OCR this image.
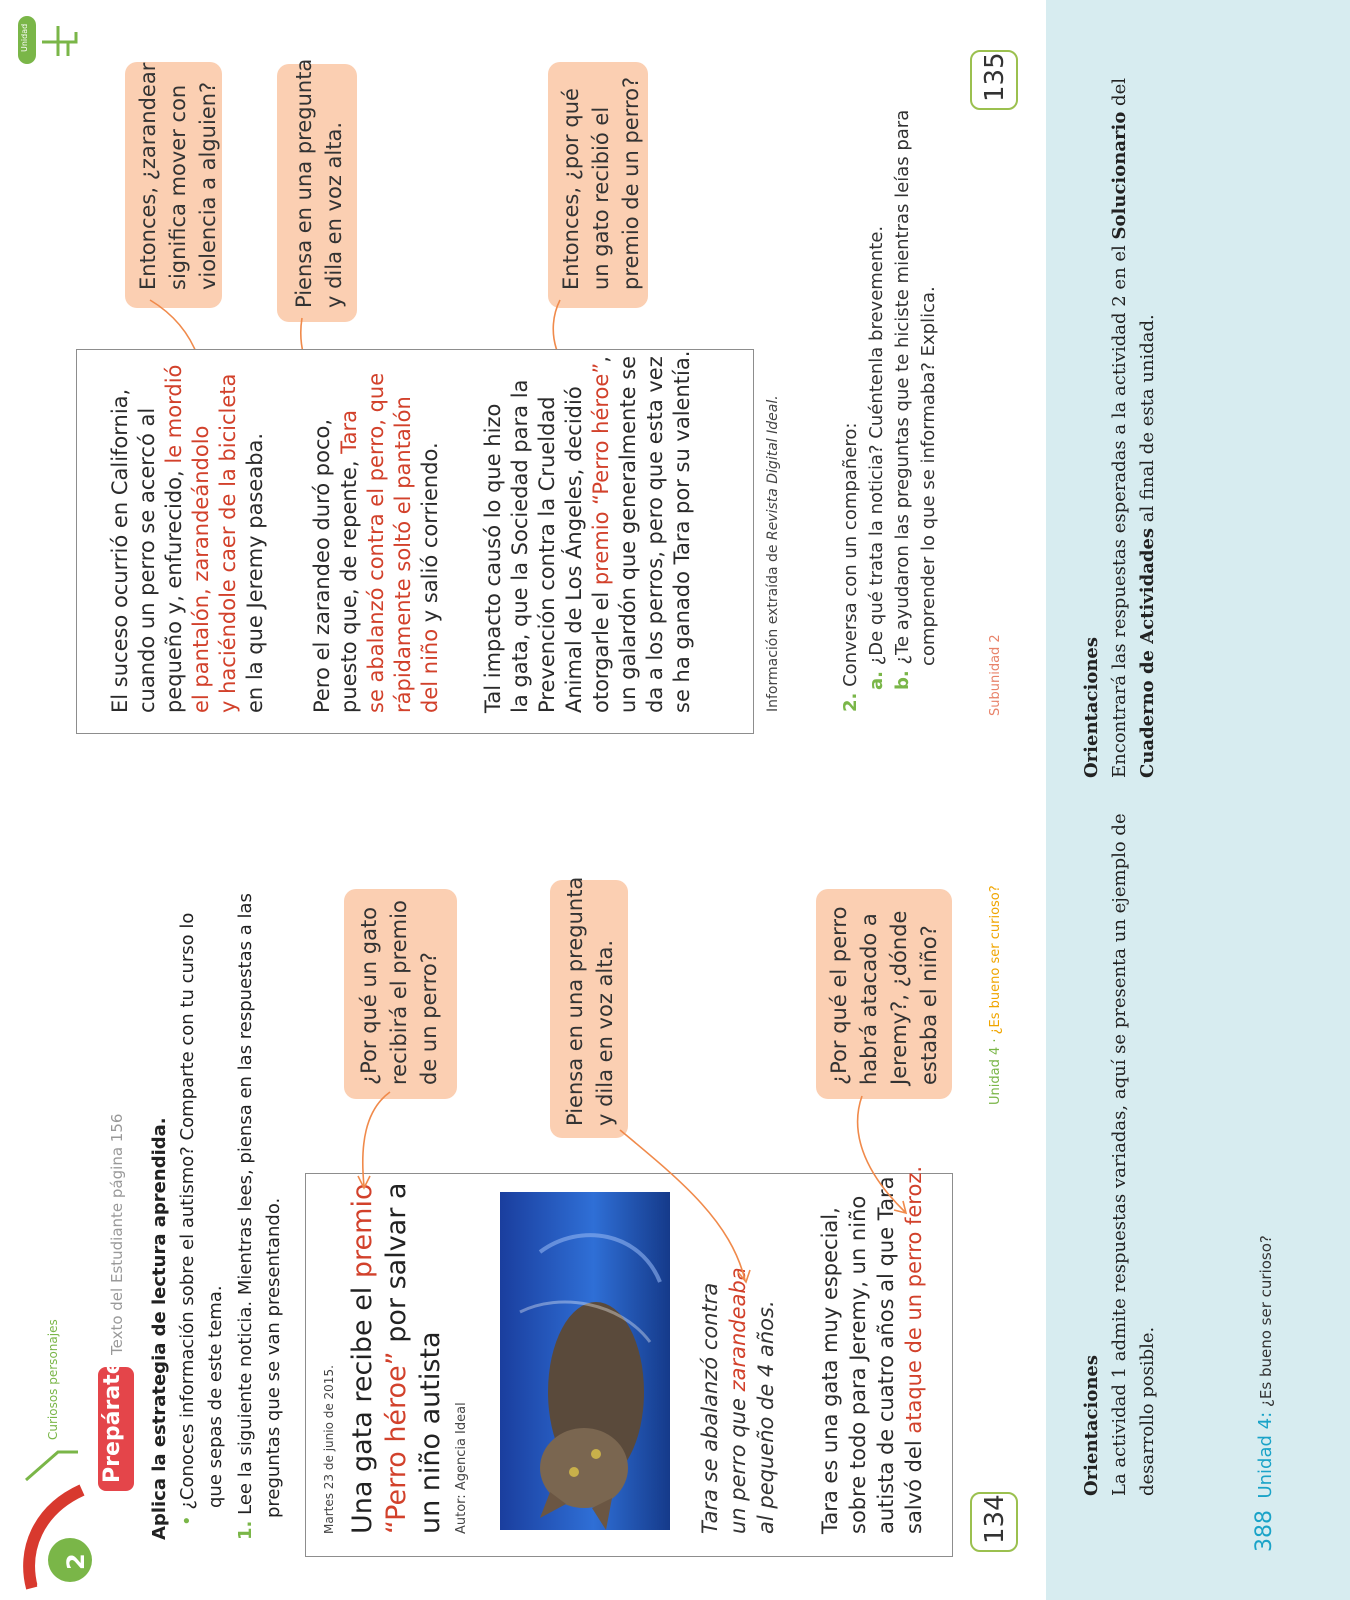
Unidad
Entonces, ¿zarandear significa mover con violencia a alguien?	Piensa en una pregunta y dila en voz alta.	Entonces, ¿por qué un gato recibió el premio de un perro?
El suceso ocurrió en California, cuando un perro se acercó al pequeño y, enfurecido, le mordió
el pantalón, zarandeándolo y haciéndole caer de la bicicleta en la que Jeremy paseaba. Pero el zarandeo duró poco, puesto que, de repente, Tara se abalanzó contra el perro, que rápidamente soltó el pantalón del niño y salió corriendo. Tal impacto causó lo que hizo la gata, que la Sociedad para la Prevención contra la Crueldad Animal de Los Ángeles, decidió otorgarle el premio “Perro héroe”, un galardón que generalmente se da a los perros, pero que esta vez se ha ganado Tara por su valentía.	Información extraída de Revista Digital Ideal.
2. Conversa con un compañero: a. ¿De qué trata la noticia? Cuéntenla brevemente.
b. ¿Te ayudaron las preguntas que te hiciste mientras leías para comprender lo que se informaba? Explica.
Subunidad 2
135
2
Subunidad
Curiosos personajes Prepárate
Texto del Estudiante página 156 Aplica la estrategia de lectura aprendida. • ¿Conoces información sobre el autismo? Comparte con tu curso lo que sepas de este tema.
1. Lee la siguiente noticia. Mientras lees, piensa en las respuestas a las preguntas que se van presentando.	Martes 23 de junio de 2015. Una gata recibe el premio
“Perro héroe” por salvar a
un niño autista Autor: Agencia Ideal	Tara se abalanzó contra un perro que zarandeaba al pequeño de 4 años. Tara es una gata muy especial, sobre todo para Jeremy, un niño autista de cuatro años al que Tara salvó del ataque de un perro feroz.
¿Por qué un gato recibirá el premio de un perro?	Piensa en una pregunta y dila en voz alta.	¿Por qué el perro habrá atacado a Jeremy?, ¿dónde estaba el niño?	Unidad 4 · ¿Es bueno ser curioso?
134
Orientaciones Encontrará las respuestas esperadas a la actividad 2 en el Solucionario del
Cuaderno de Actividades al final de esta unidad.
Orientaciones La actividad 1 admite respuestas variadas, aquí se presenta un ejemplo de desarrollo posible.
388  Unidad 4: ¿Es bueno ser curioso?
